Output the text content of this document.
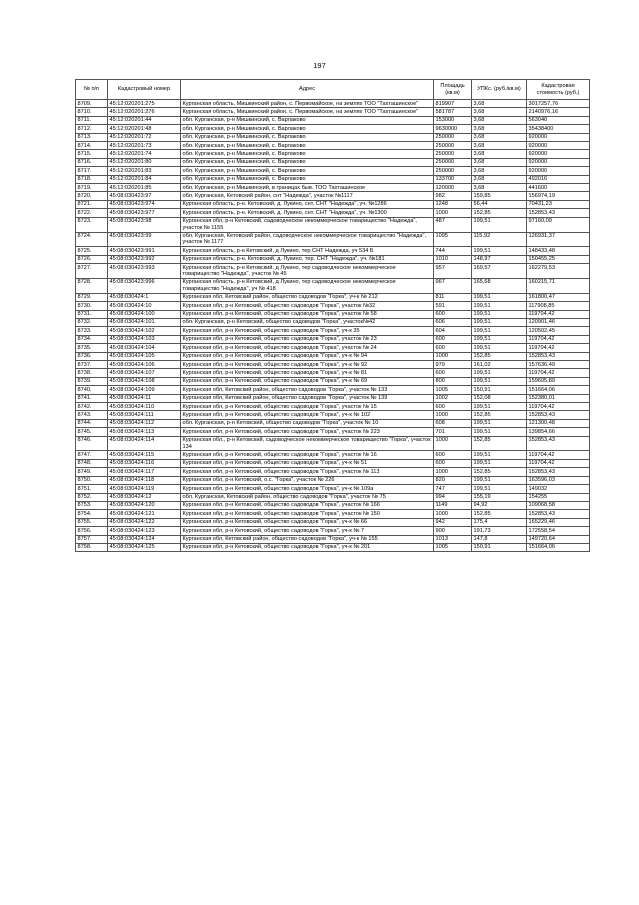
197
№ п/п	Кадастровый номер	Адрес	Площадь (кв.м)	УПКс. (руб./кв.м)	Кадастровая стоимость (руб.)
8709.	45:12:020201:275	Курганская область, Мишкинский район, с. Первомайское, на землях ТОО "Тахташинское"	819907	3,68	3017257,76
8710.	45:12:020201:276	Курганская область, Мишкинский район, с. Первомайское, на землях ТОО "Тахташинское"	581787	3,68	2140976,16
8711.	45:12:020201:44	обл. Курганская, р-н Мишкинский, с. Варлаково	153000	3,68	563040
8712.	45:12:020201:48	обл. Курганская, р-н Мишкинский, с. Варлаково	9630000	3,68	35438400
8713.	45:12:020201:72	обл. Курганская, р-н Мишкинский, с. Варлаково	250000	3,68	920000
8714.	45:12:020201:73	обл. Курганская, р-н Мишкинский, с. Варлаково	250000	3,68	920000
8715.	45:12:020201:74	обл. Курганская, р-н Мишкинский, с. Варлаково	250000	3,68	920000
8716.	45:12:020201:80	обл. Курганская, р-н Мишкинский, с. Варлаково	250000	3,68	920000
8717.	45:12:020201:83	обл. Курганская, р-н Мишкинский, с. Варлаково	250000	3,68	920000
8718.	45:12:020201:84	обл. Курганская, р-н Мишкинский, с. Варлаково	133700	3,68	492016
8719.	45:12:020201:85	обл. Курганская, р-н Мишкинский, в границах быв. ТОО Тахташинское	120000	3,68	441600
8720.	45:08:030423:97	обл. Курганская, Кетовский район, снт "Надежда", участок №1117	982	159,85	156974,19
8721.	45:08:030423:974	Курганская область, р-н. Кетовский, д. Лукино, снт. СНТ "Надежда", уч. №1286	1248	56,44	70431,23
8722.	45:08:030423:977	Курганская область, р-н. Кетовский, д. Лукино, снт. СНТ "Надежда", уч. №1300	1000	152,85	152853,43
8723.	45:08:030423:98	Курганская обл, р-н Кетовский, садоводческое некоммерческое товарищество "Надежда", участок № 1155	487	199,51	97160,09
8724.	45:08:030423:99	обл. Курганская, Кетовский район, садоводческое некоммерческое товарищество "Надежда", участок № 1177	1095	115,92	126931,37
8725.	45:08:030423:991	Курганская область, р-н Кетовский, д Лукино, тер СНТ Надежда, уч 534 Б	744	199,51	148433,48
8726.	45:08:030423:992	Курганская область, р-н. Кетовский, д. Лукино, тер. СНТ "Надежда", уч. №181	1010	148,97	150455,25
8727.	45:08:030423:993	Курганская область, р-н Кетовский, д Лукино, тер садоводческое некоммерческое товарищество "Надежда", участок № 45	957	169,57	162279,53
8728.	45:08:030423:996	Курганская область, р-н Кетовский, д Лукино, тер садоводческое некоммерческое товарищество "Надежда", уч № 418	967	165,68	160215,71
8729.	45:08:030424:1	Курганская обл, Кетовский район, общество садоводов "Горка", уч-к № 212	811	199,51	161800,47
8730.	45:08:030424:10	Курганская обл, р-н Кетовский, общество садоводов "Горка", участок №32	591	199,51	117908,85
8731.	45:08:030424:100	Курганская обл, р-н Кетовский, общество садоводов "Горка", участок № 58	600	199,51	119704,42
8732.	45:08:030424:101	обл. Курганская, р-н Кетовский, общество садоводов "Горка", участок№42	606	199,51	120901,46
8733.	45:08:030424:102	Курганская обл, р-н Кетовский, общество садоводов "Горка", уч-к 35	604	199,51	120502,45
8734.	45:08:030424:103	Курганская обл, р-н Кетовский, общество садоводов "Горка", участок № 23	600	199,51	119704,42
8735.	45:08:030424:104	Курганская обл, р-н Кетовский, общество садоводов "Горка", участок № 24	600	199,51	119704,42
8736.	45:08:030424:105	Курганская обл, р-н Кетовский, общество садоводов "Горка", уч-к № 94	1000	152,85	152853,43
8737.	45:08:030424:106	Курганская обл, р-н Кетовский, общество садоводов "Горка", уч-к № 92	979	161,02	157636,49
8738.	45:08:030424:107	Курганская обл, р-н Кетовский, общество садоводов "Горка", уч-к № 81	600	199,51	119704,42
8739.	45:08:030424:108	Курганская обл, р-н Кетовский, общество садоводов "Горка", уч-к № 69	800	199,51	159605,89
8740.	45:08:030424:109	Курганская обл, Кетовский район, общество садоводов "Горка", участок № 133	1005	150,91	151664,06
8741.	45:08:030424:11	Курганская обл, Кетовский район, общество садоводов "Горка", участок № 139	1002	152,08	152380,01
8742.	45:08:030424:110	Курганская обл, р-н Кетовский, общество садоводов "Горка", участок № 15	600	199,51	119704,42
8743.	45:08:030424:111	Курганская обл, р-н Кетовский, общество садоводов "Горка", уч-к № 102	1000	152,85	152853,43
8744.	45:08:030424:112	обл. Курганская, р-н Кетовский, общество садоводов "Горка", участок № 10	608	199,51	121300,48
8745.	45:08:030424:113	Курганская обл, р-н Кетовский, общество садоводов "Горка", участок № 223	701	199,51	139854,66
8746.	45:08:030424:114	Курганская обл., р-н Кетовский, садоводческое некоммерческое товарищество "Горка", участок 134	1000	152,85	152853,43
8747.	45:08:030424:115	Курганская обл, р-н Кетовский, общество садоводов "Горка", участок № 16	600	199,51	119704,42
8748.	45:08:030424:116	Курганская обл, р-н Кетовский, общество садоводов "Горка", уч-к № 51	600	199,51	119704,42
8749.	45:08:030424:117	Курганская обл, р-н Кетовский, общество садоводов "Горка", участок № 113	1000	152,85	152853,43
8750.	45:08:030424:118	Курганская обл, р-н Кетовский, о.с. "Горка", участок № 226	820	199,51	163596,03
8751.	45:08:030424:119	Курганская обл, р-н Кетовский, общество садоводов "Горка", уч-к № 109а	747	199,51	149032
8752.	45:08:030424:12	обл. Курганская, Кетовский район, общество садоводов "Горка", участок № 75	994	155,19	154255
8753.	45:08:030424:120	Курганская обл, р-н Кетовский, общество садоводов "Горка", участок № 166	1149	94,92	109068,58
8754.	45:08:030424:121	Курганская обл, р-н Кетовский, общество садоводов "Горка", участок № 150	1000	152,85	152853,43
8755.	45:08:030424:122	Курганская обл, р-н Кетовский, общество садоводов "Горка", уч-к № 66	942	175,4	165229,46
8756.	45:08:030424:123	Курганская обл, р-н Кетовский, общество садоводов "Горка", уч-к № 7	900	191,73	172558,54
8757.	45:08:030424:124	Курганская обл, Кетовский район, общество садоводов "Горка", уч-к № 155	1013	147,8	149720,64
8758.	45:08:030424:125	Курганская обл, р-н Кетовский, общество садоводов "Горка", уч-к № 201	1005	150,91	151664,06
